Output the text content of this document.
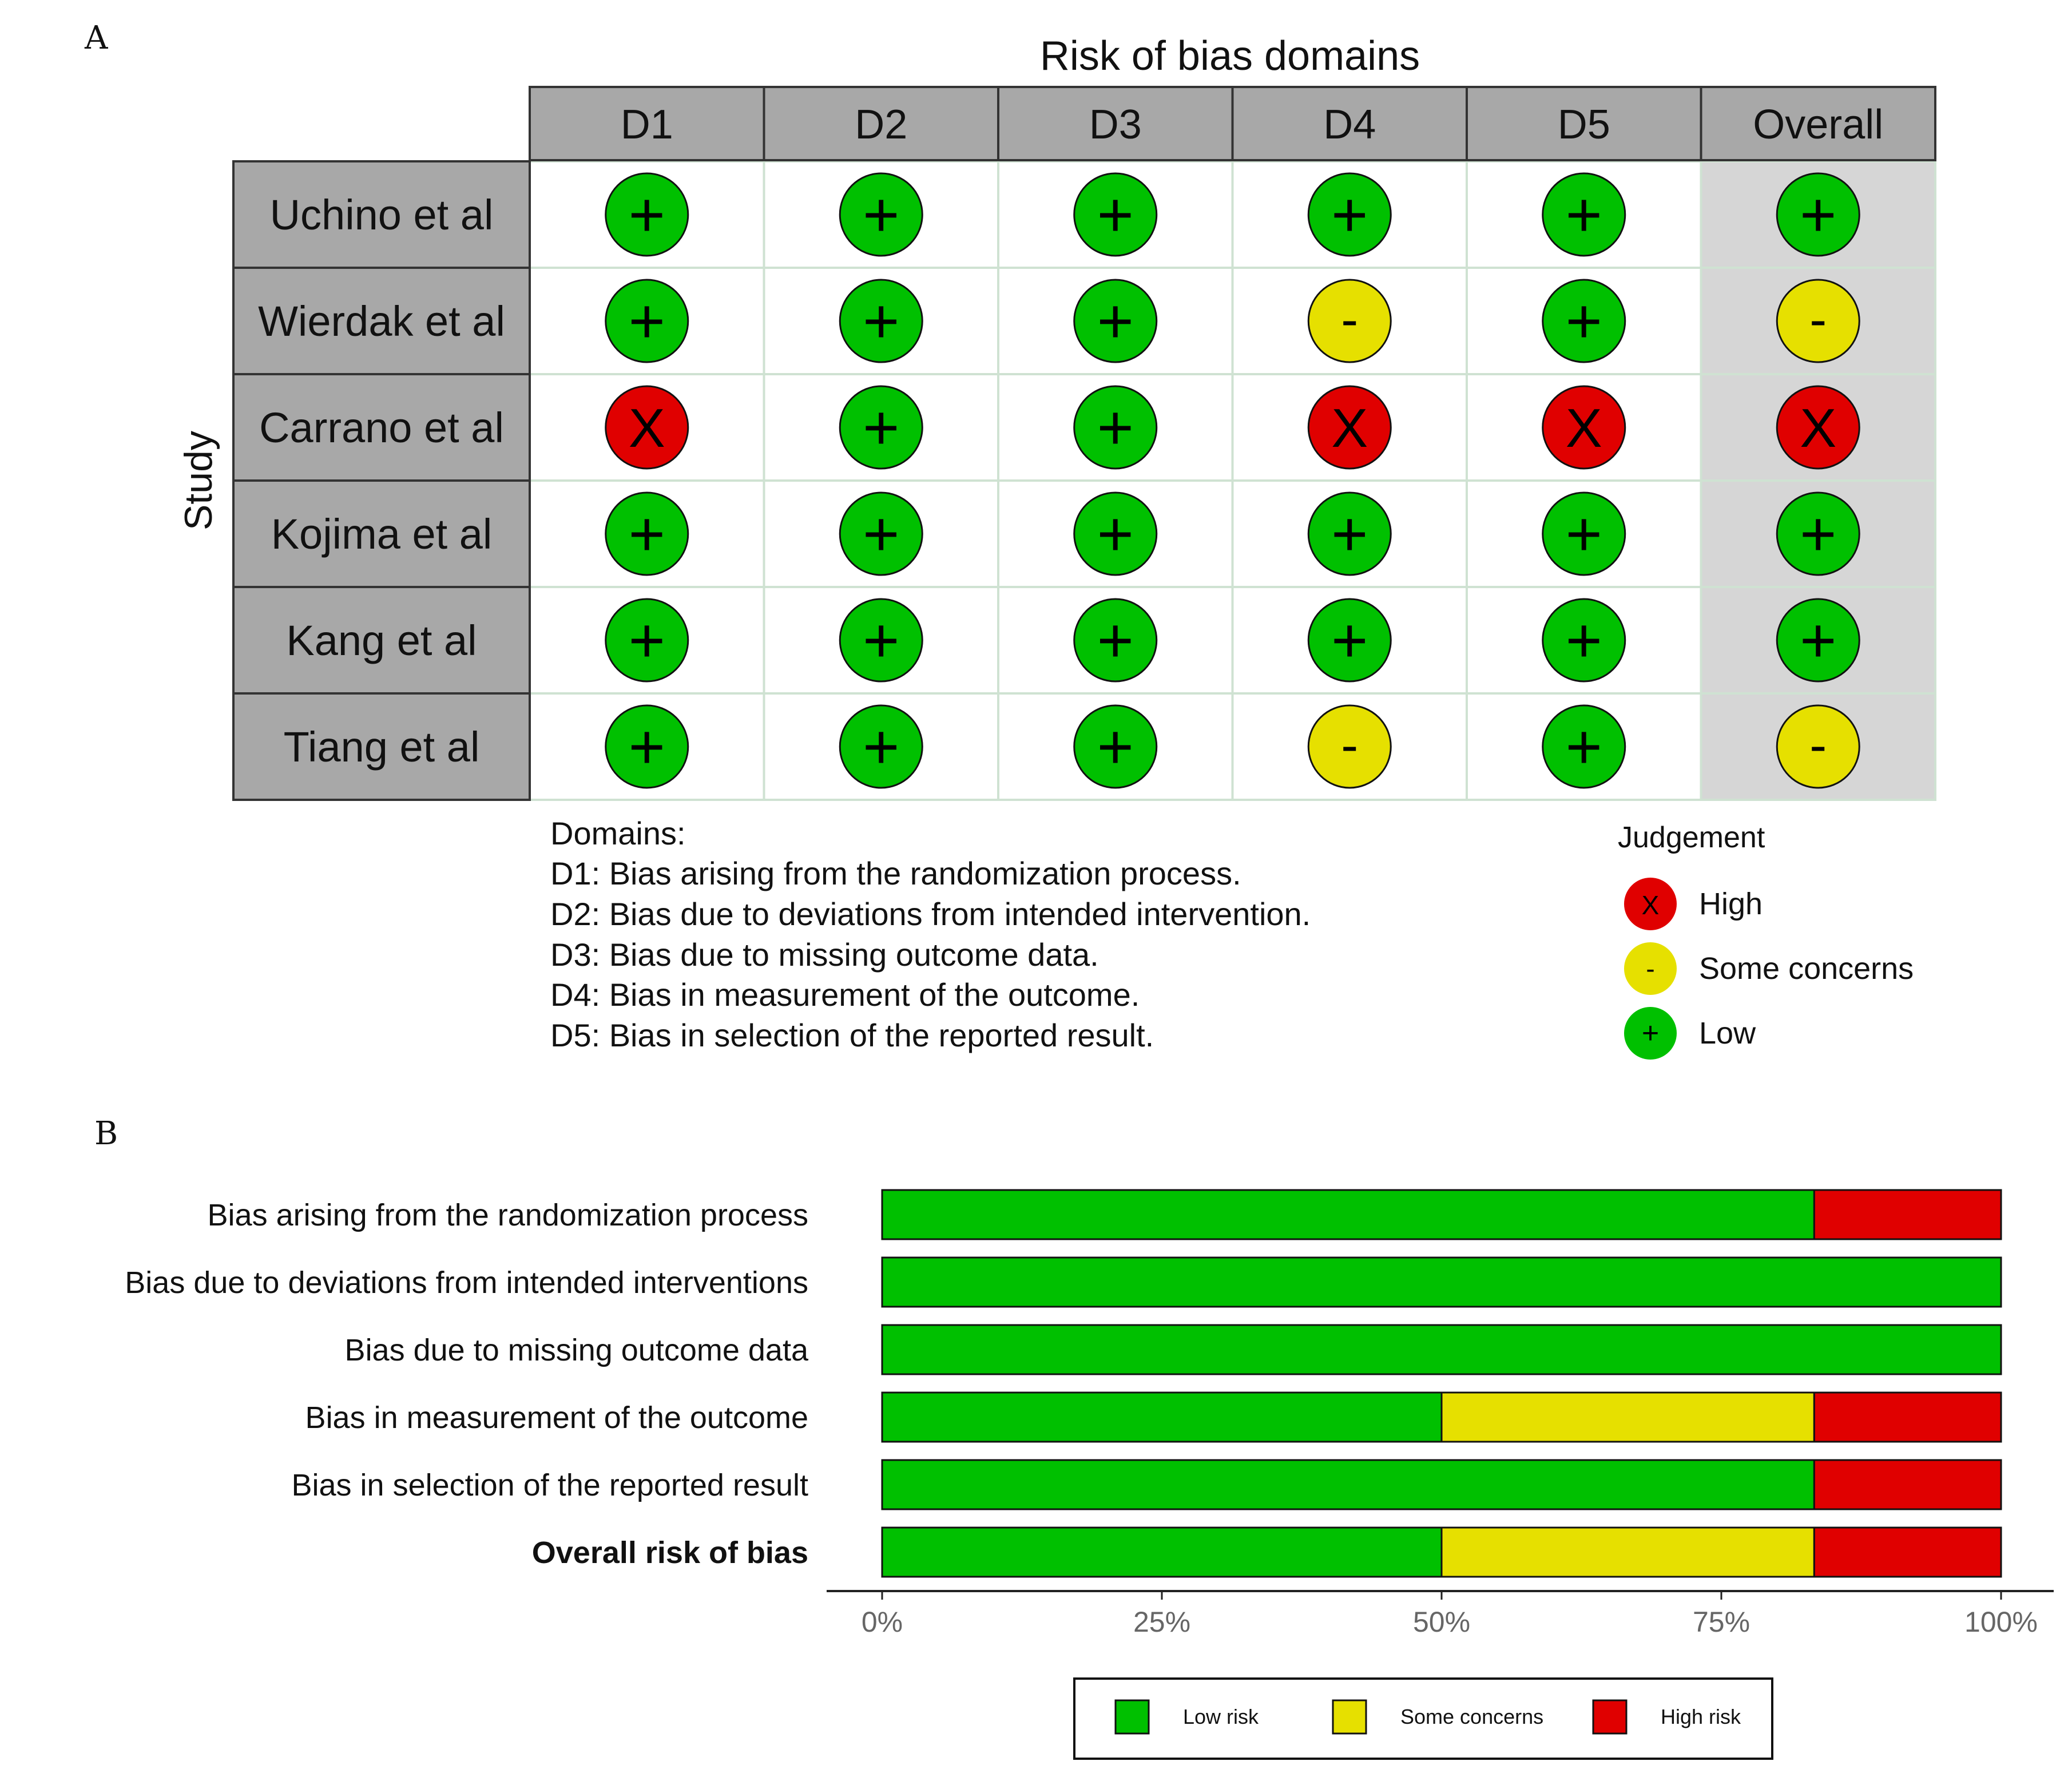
A	Risk of bias domains
Study
D1	D2	D3	D4	D5	Overall
Uchino et al +	+	+	+	+	+
Wierdak et al +	+	+	-	+	-
Carrano et al X	+	+	X	X	X
Kojima et al +	+	+	+	+	+
Kang et al +	+	+	+	+	+
Tiang et al +	+	+	-	+	-
Domains:
D1: Bias arising from the randomization process.
D2: Bias due to deviations from intended intervention.
D3: Bias due to missing outcome data.
D4: Bias in measurement of the outcome.
D5: Bias in selection of the reported result.
Judgement
X High
- Some concerns
+ Low
B
Bias arising from the randomization process
Bias due to deviations from intended interventions
Bias due to missing outcome data
Bias in measurement of the outcome
Bias in selection of the reported result
Overall risk of bias
0%	25%	50%	75%	100%
Low risk	Some concerns	High risk
